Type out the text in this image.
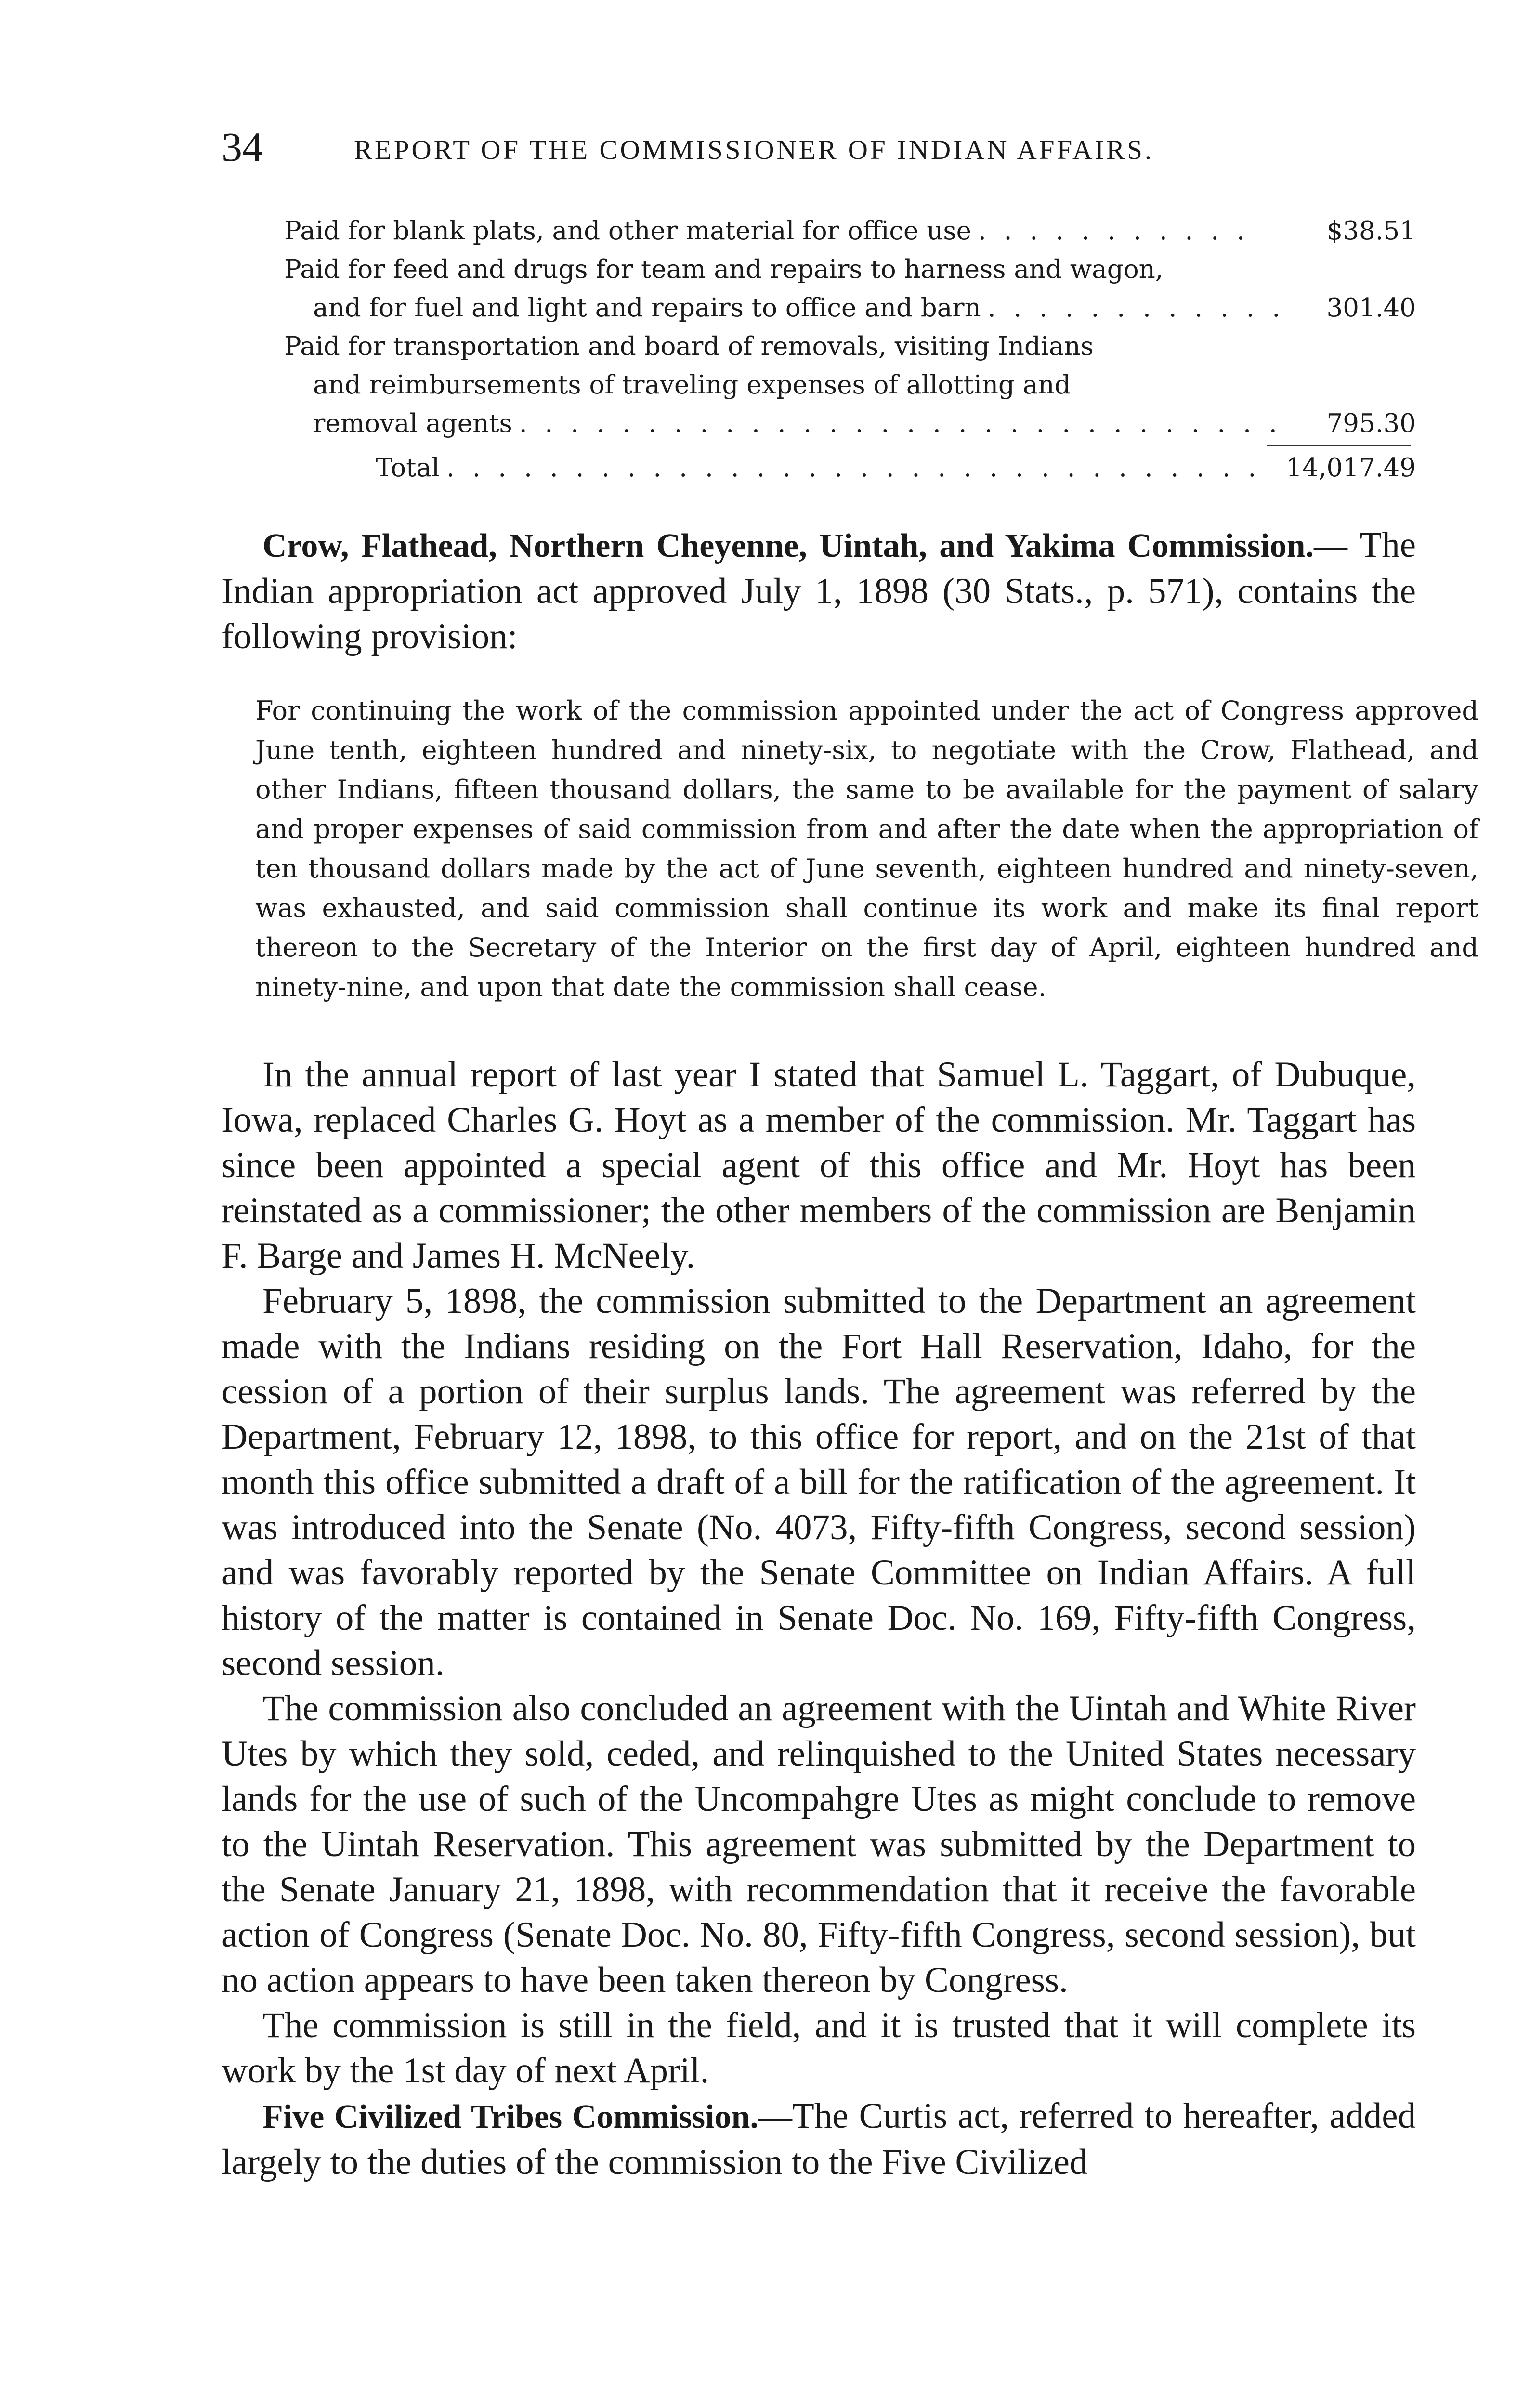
34	REPORT OF THE COMMISSIONER OF INDIAN AFFAIRS.
Paid for blank plats, and other material for office use . . .	$38.51
Paid for feed and drugs for team and repairs to harness and wagon,
and for fuel and light and repairs to office and barn . . .	301.40
Paid for transportation and board of removals, visiting Indians
and reimbursements of traveling expenses of allotting and
removal agents . . .	795.30
Total . . .	14,017.49

Crow, Flathead, Northern Cheyenne, Uintah, and Yakima Commission.— The Indian appropriation act approved July 1, 1898 (30 Stats., p. 571), contains the following provision:

For continuing the work of the commission appointed under the act of Congress approved June tenth, eighteen hundred and ninety-six, to negotiate with the Crow, Flathead, and other Indians, fifteen thousand dollars, the same to be available for the payment of salary and proper expenses of said commission from and after the date when the appropriation of ten thousand dollars made by the act of June seventh, eighteen hundred and ninety-seven, was exhausted, and said commission shall continue its work and make its final report thereon to the Secretary of the Interior on the first day of April, eighteen hundred and ninety-nine, and upon that date the commission shall cease.

In the annual report of last year I stated that Samuel L. Taggart, of Dubuque, Iowa, replaced Charles G. Hoyt as a member of the commission. Mr. Taggart has since been appointed a special agent of this office and Mr. Hoyt has been reinstated as a commissioner; the other members of the commission are Benjamin F. Barge and James H. McNeely.

February 5, 1898, the commission submitted to the Department an agreement made with the Indians residing on the Fort Hall Reservation, Idaho, for the cession of a portion of their surplus lands. The agreement was referred by the Department, February 12, 1898, to this office for report, and on the 21st of that month this office submitted a draft of a bill for the ratification of the agreement. It was introduced into the Senate (No. 4073, Fifty-fifth Congress, second session) and was favorably reported by the Senate Committee on Indian Affairs. A full history of the matter is contained in Senate Doc. No. 169, Fifty-fifth Congress, second session.

The commission also concluded an agreement with the Uintah and White River Utes by which they sold, ceded, and relinquished to the United States necessary lands for the use of such of the Uncompahgre Utes as might conclude to remove to the Uintah Reservation. This agreement was submitted by the Department to the Senate January 21, 1898, with recommendation that it receive the favorable action of Congress (Senate Doc. No. 80, Fifty-fifth Congress, second session), but no action appears to have been taken thereon by Congress.

The commission is still in the field, and it is trusted that it will complete its work by the 1st day of next April.

Five Civilized Tribes Commission.—The Curtis act, referred to hereafter, added largely to the duties of the commission to the Five Civilized
